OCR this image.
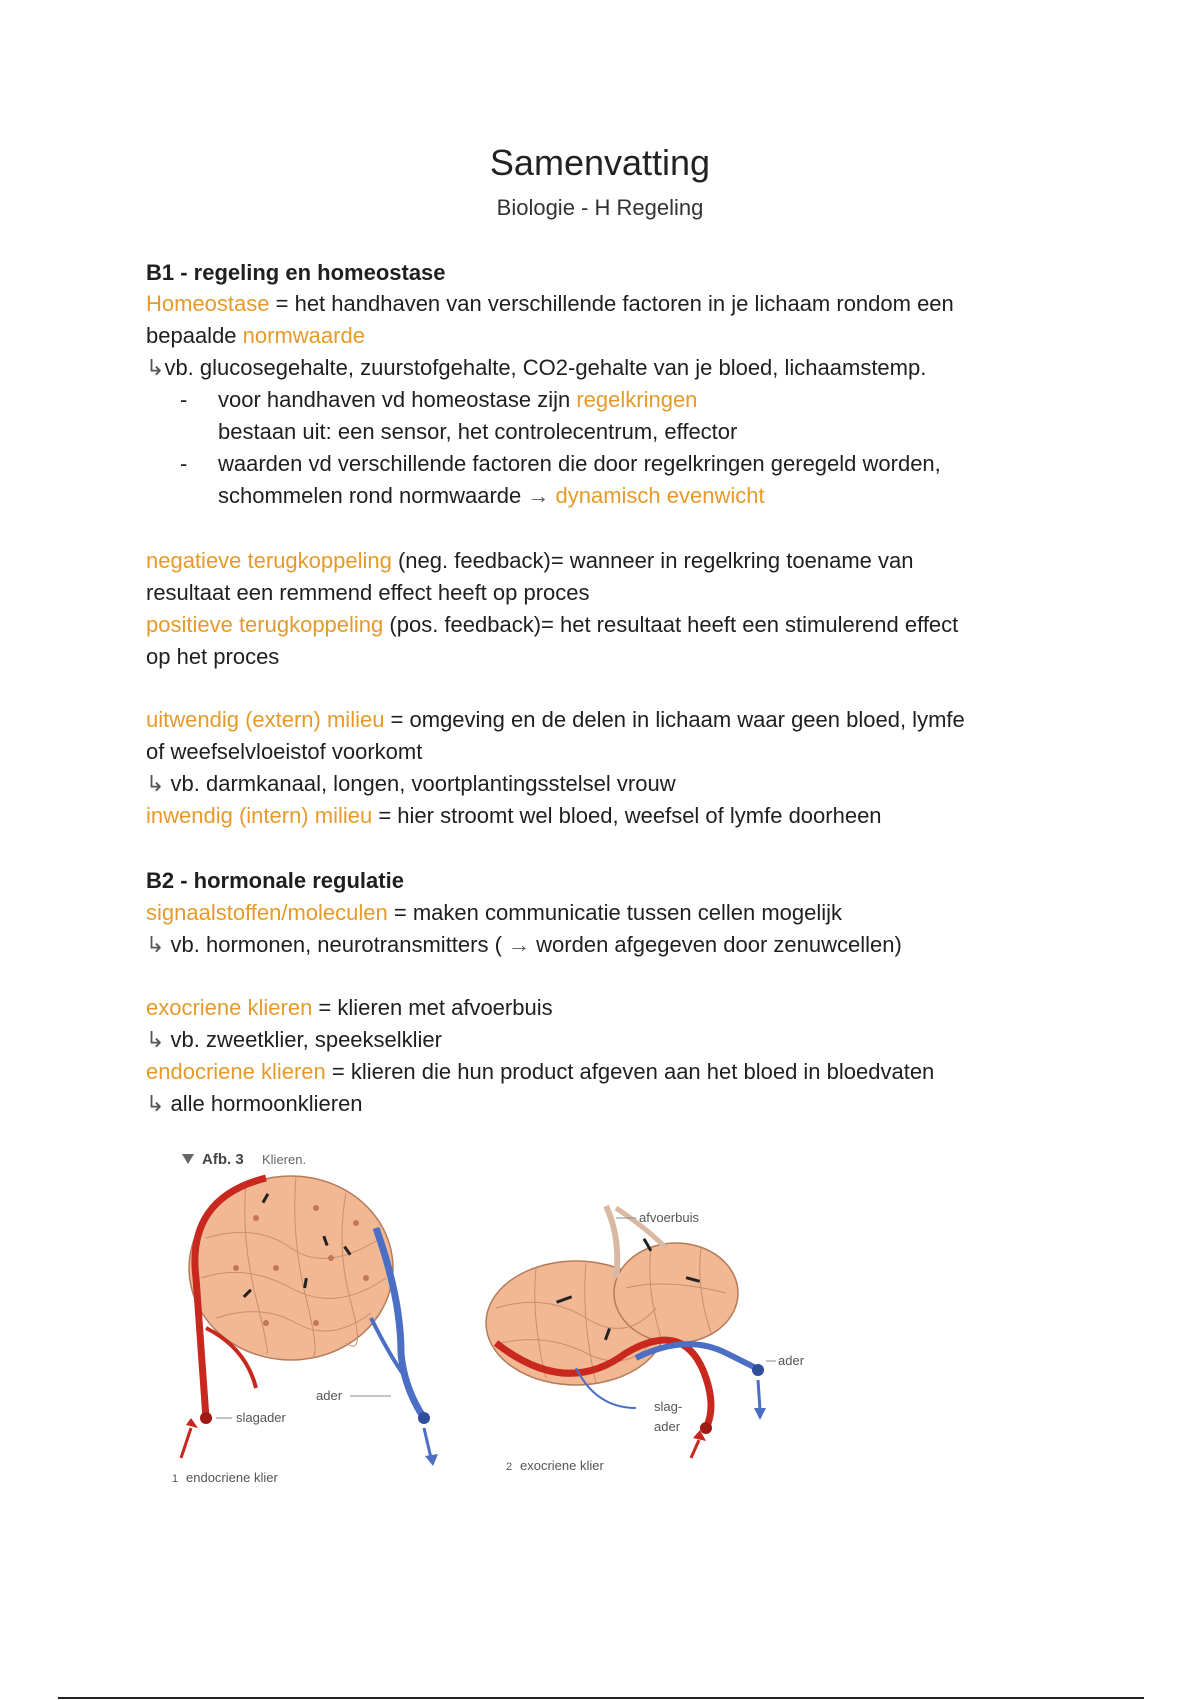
Samenvatting
Biologie - H Regeling
B1 - regeling en homeostase
Homeostase = het handhaven van verschillende factoren in je lichaam rondom een
bepaalde normwaarde
↳vb. glucosegehalte, zuurstofgehalte, CO2-gehalte van je bloed, lichaamstemp.
- voor handhaven vd homeostase zijn regelkringen
bestaan uit: een sensor, het controlecentrum, effector
- waarden vd verschillende factoren die door regelkringen geregeld worden,
schommelen rond normwaarde → dynamisch evenwicht
negatieve terugkoppeling (neg. feedback)= wanneer in regelkring toename van
resultaat een remmend effect heeft op proces
positieve terugkoppeling (pos. feedback)= het resultaat heeft een stimulerend effect
op het proces
uitwendig (extern) milieu = omgeving en de delen in lichaam waar geen bloed, lymfe
of weefselvloeistof voorkomt
↳ vb. darmkanaal, longen, voortplantingsstelsel vrouw
inwendig (intern) milieu = hier stroomt wel bloed, weefsel of lymfe doorheen
B2 - hormonale regulatie
signaalstoffen/moleculen = maken communicatie tussen cellen mogelijk
↳ vb. hormonen, neurotransmitters ( → worden afgegeven door zenuwcellen)
exocriene klieren = klieren met afvoerbuis
↳ vb. zweetklier, speekselklier
endocriene klieren = klieren die hun product afgeven aan het bloed in bloedvaten
↳ alle hormoonklieren
Afb. 3 Klieren.
ader
slagader
1 endocriene klier
afvoerbuis
ader
slag-
ader
2 exocriene klier
